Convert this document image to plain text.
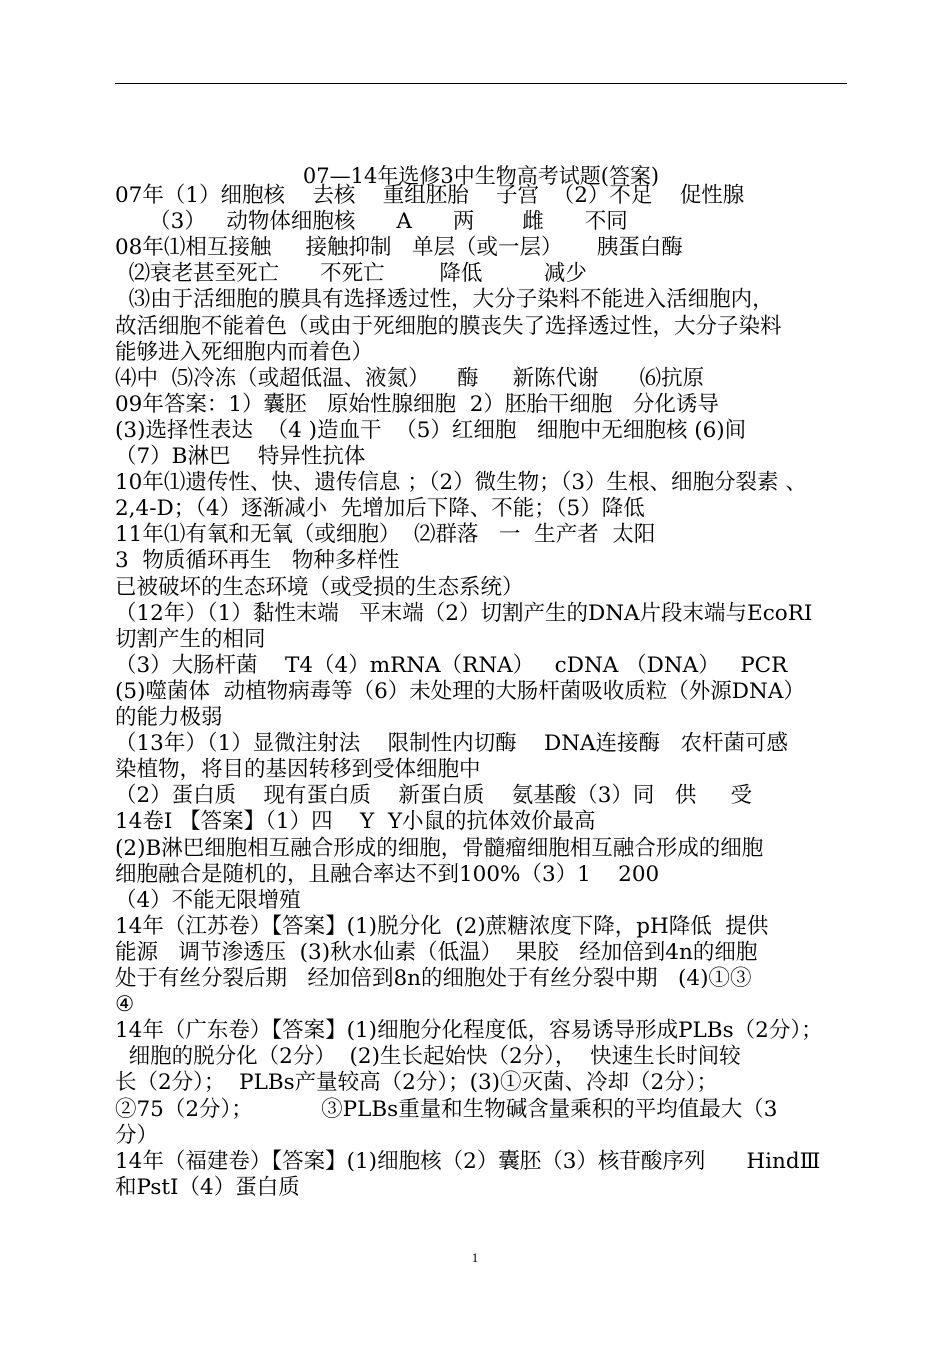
07—14年选修3中生物高考试题(答案)
07年（1）细胞核    去核    重组胚胎    子宫  （2）不足    促性腺
（3）   动物体细胞核      A      两       雌      不同
08年⑴相互接触     接触抑制   单层（或一层）     胰蛋白酶
⑵衰老甚至死亡      不死亡        降低         减少
⑶由于活细胞的膜具有选择透过性，大分子染料不能进入活细胞内，
故活细胞不能着色（或由于死细胞的膜丧失了选择透过性，大分子染料
能够进入死细胞内而着色）
⑷中  ⑸冷冻（或超低温、液氮）    酶     新陈代谢      ⑹抗原
09年答案：1）囊胚   原始性腺细胞  2）胚胎干细胞   分化诱导
(3)选择性表达  （4 )造血干  （5）红细胞   细胞中无细胞核 (6)间
（7）B淋巴    特异性抗体
10年⑴遗传性、快、遗传信息 ；（2）微生物；（3）生根、细胞分裂素 、
2,4-D；（4）逐渐减小  先增加后下降、不能；（5）降低
11年⑴有氧和无氧（或细胞）  ⑵群落   一  生产者  太阳
3  物质循环再生   物种多样性
已被破坏的生态环境（或受损的生态系统）
（12年）（1）黏性末端   平末端（2）切割产生的DNA片段末端与EcoRⅠ
切割产生的相同
（3）大肠杆菌    T4（4）mRNA（RNA）   cDNA （DNA）   PCR
(5)噬菌体  动植物病毒等（6）未处理的大肠杆菌吸收质粒（外源DNA）
的能力极弱
（13年）（1）显微注射法    限制性内切酶    DNA连接酶   农杆菌可感
染植物，将目的基因转移到受体细胞中
（2）蛋白质    现有蛋白质    新蛋白质    氨基酸（3）同   供     受
14卷Ⅰ 【答案】（1）四    Y  Y小鼠的抗体效价最高
(2)B淋巴细胞相互融合形成的细胞，骨髓瘤细胞相互融合形成的细胞
细胞融合是随机的，且融合率达不到100%（3）1    200
（4）不能无限增殖
14年（江苏卷）【答案】(1)脱分化  (2)蔗糖浓度下降，pH降低  提供
能源   调节渗透压  (3)秋水仙素（低温）  果胶   经加倍到4n的细胞
处于有丝分裂后期   经加倍到8n的细胞处于有丝分裂中期   (4)①③
④
14年（广东卷）【答案】(1)细胞分化程度低，容易诱导形成PLBs（2分）；
细胞的脱分化（2分）  (2)生长起始快（2分），  快速生长时间较
长（2分）；  PLBs产量较高（2分）；(3)①灭菌、冷却（2分）；
②75（2分）；          ③PLBs重量和生物碱含量乘积的平均值最大（3
分）
14年（福建卷）【答案】(1)细胞核（2）囊胚（3）核苷酸序列      HindⅢ
和PstⅠ（4）蛋白质
1
